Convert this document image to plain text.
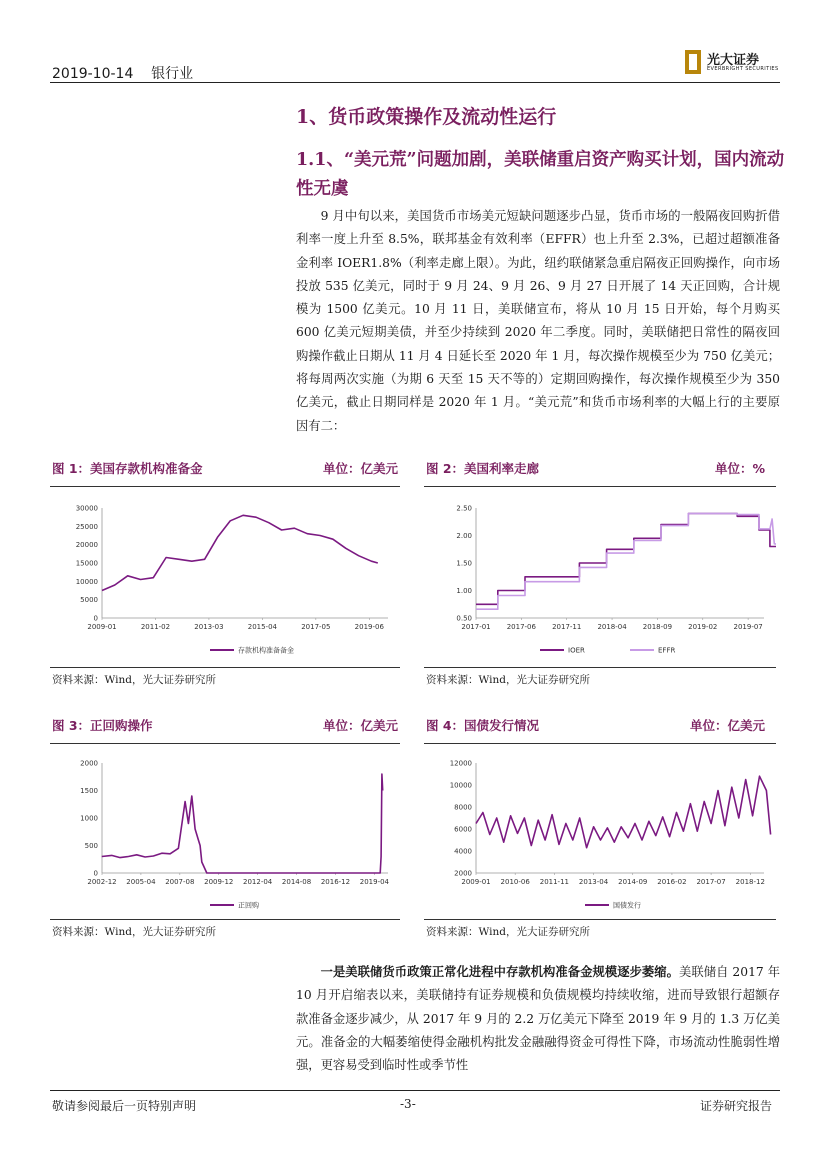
2019-10-14    银行业
光大证券
EVERBRIGHT SECURITIES
1、货币政策操作及流动性运行
1.1、“美元荒”问题加剧，美联储重启资产购买计划，国内流动性无虞

9 月中旬以来，美国货币市场美元短缺问题逐步凸显，货币市场的一般隔夜回购折借利率一度上升至 8.5%，联邦基金有效利率（EFFR）也上升至 2.3%，已超过超额准备金利率 IOER1.8%（利率走廊上限）。为此，纽约联储紧急重启隔夜正回购操作，向市场投放 535 亿美元，同时于 9 月 24、9 月 26、9 月 27 日开展了 14 天正回购，合计规模为 1500 亿美元。10 月 11 日，美联储宣布，将从 10 月 15 日开始，每个月购买 600 亿美元短期美债，并至少持续到 2020 年二季度。同时，美联储把日常性的隔夜回购操作截止日期从 11 月 4 日延长至 2020 年 1 月，每次操作规模至少为 750 亿美元；将每周两次实施（为期 6 天至 15 天不等的）定期回购操作，每次操作规模至少为 350 亿美元，截止日期同样是 2020 年 1 月。“美元荒”和货币市场利率的大幅上行的主要原因有二：

图 1：美国存款机构准备金	单位：亿美元
0
5000
10000
15000
20000
25000
30000
2009-01	2011-02	2013-03	2015-04	2017-05	2019-06
存款机构准备备金
资料来源：Wind，光大证券研究所
图 2：美国利率走廊	单位：%
0.50
1.00
1.50
2.00
2.50
2017-01 2017-06 2017-11 2018-04 2018-09 2019-02 2019-07
IOER	EFFR
资料来源：Wind，光大证券研究所
图 3：正回购操作	单位：亿美元
0
500
1000
1500
2000
2002-12 2005-04 2007-08 2009-12 2012-04 2014-08 2016-12 2019-04
正回购
资料来源：Wind，光大证券研究所
图 4：国债发行情况	单位：亿美元
2000
4000
6000
8000
10000
12000
2009-01 2010-06 2011-11 2013-04 2014-09 2016-02 2017-07 2018-12
国债发行
资料来源：Wind，光大证券研究所

一是美联储货币政策正常化进程中存款机构准备金规模逐步萎缩。美联储自 2017 年 10 月开启缩表以来，美联储持有证券规模和负债规模均持续收缩，进而导致银行超额存款准备金逐步减少，从 2017 年 9 月的 2.2 万亿美元下降至 2019 年 9 月的 1.3 万亿美元。准备金的大幅萎缩使得金融机构批发金融融得资金可得性下降，市场流动性脆弱性增强，更容易受到临时性或季节性

敬请参阅最后一页特别声明	-3-	证券研究报告
